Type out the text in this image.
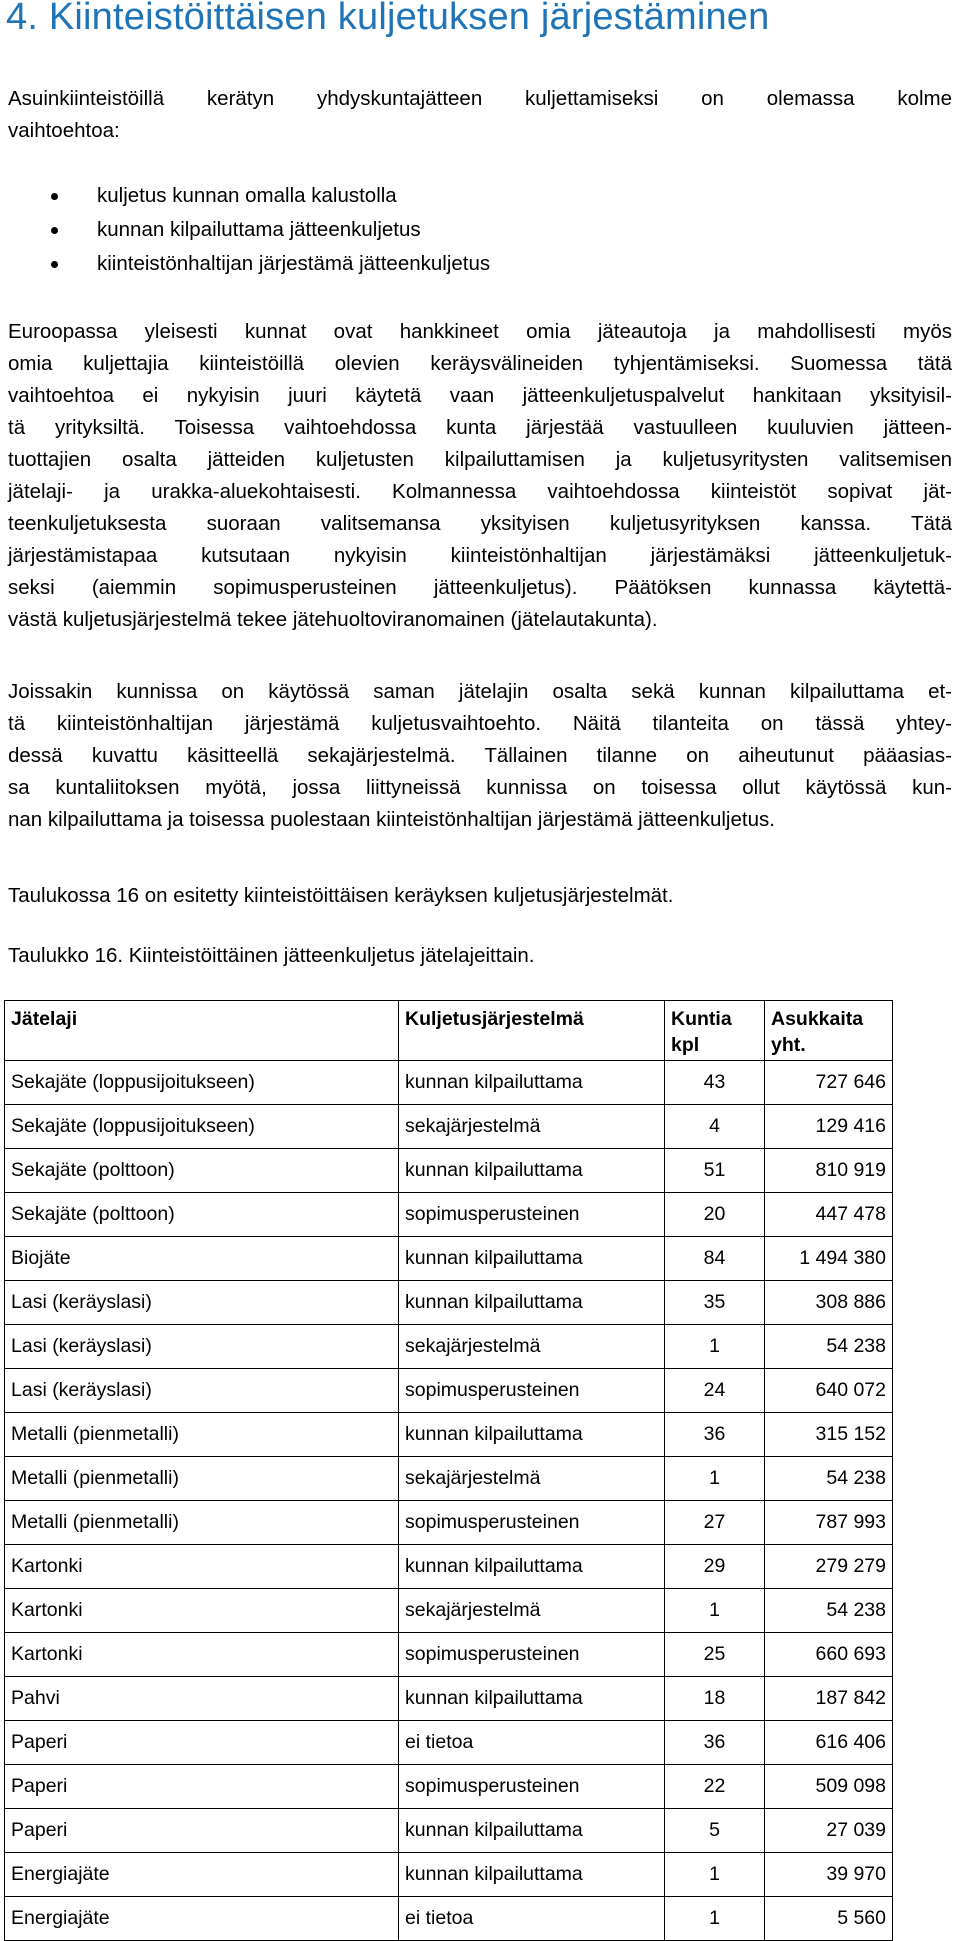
4. Kiinteistöittäisen kuljetuksen järjestäminen
Asuinkiinteistöillä kerätyn yhdyskuntajätteen kuljettamiseksi on olemassa kolme
vaihtoehtoa:
kuljetus kunnan omalla kalustolla
kunnan kilpailuttama jätteenkuljetus
kiinteistönhaltijan järjestämä jätteenkuljetus
Euroopassa yleisesti kunnat ovat hankkineet omia jäteautoja ja mahdollisesti myös
omia kuljettajia kiinteistöillä olevien keräysvälineiden tyhjentämiseksi. Suomessa tätä
vaihtoehtoa ei nykyisin juuri käytetä vaan jätteenkuljetuspalvelut hankitaan yksityisil-
tä yrityksiltä. Toisessa vaihtoehdossa kunta järjestää vastuulleen kuuluvien jätteen-
tuottajien osalta jätteiden kuljetusten kilpailuttamisen ja kuljetusyritysten valitsemisen
jätelaji- ja urakka-aluekohtaisesti. Kolmannessa vaihtoehdossa kiinteistöt sopivat jät-
teenkuljetuksesta suoraan valitsemansa yksityisen kuljetusyrityksen kanssa. Tätä
järjestämistapaa kutsutaan nykyisin kiinteistönhaltijan järjestämäksi jätteenkuljetuk-
seksi (aiemmin sopimusperusteinen jätteenkuljetus). Päätöksen kunnassa käytettä-
västä kuljetusjärjestelmä tekee jätehuoltoviranomainen (jätelautakunta).
Joissakin kunnissa on käytössä saman jätelajin osalta sekä kunnan kilpailuttama et-
tä kiinteistönhaltijan järjestämä kuljetusvaihtoehto. Näitä tilanteita on tässä yhtey-
dessä kuvattu käsitteellä sekajärjestelmä. Tällainen tilanne on aiheutunut pääasias-
sa kuntaliitoksen myötä, jossa liittyneissä kunnissa on toisessa ollut käytössä kun-
nan kilpailuttama ja toisessa puolestaan kiinteistönhaltijan järjestämä jätteenkuljetus.
Taulukossa 16 on esitetty kiinteistöittäisen keräyksen kuljetusjärjestelmät.
Taulukko 16. Kiinteistöittäinen jätteenkuljetus jätelajeittain.
Jätelaji	Kuljetusjärjestelmä	Kuntia kpl	Asukkaita yht.
Sekajäte (loppusijoitukseen)	kunnan kilpailuttama	43	727 646
Sekajäte (loppusijoitukseen)	sekajärjestelmä	4	129 416
Sekajäte (polttoon)	kunnan kilpailuttama	51	810 919
Sekajäte (polttoon)	sopimusperusteinen	20	447 478
Biojäte	kunnan kilpailuttama	84	1 494 380
Lasi (keräyslasi)	kunnan kilpailuttama	35	308 886
Lasi (keräyslasi)	sekajärjestelmä	1	54 238
Lasi (keräyslasi)	sopimusperusteinen	24	640 072
Metalli (pienmetalli)	kunnan kilpailuttama	36	315 152
Metalli (pienmetalli)	sekajärjestelmä	1	54 238
Metalli (pienmetalli)	sopimusperusteinen	27	787 993
Kartonki	kunnan kilpailuttama	29	279 279
Kartonki	sekajärjestelmä	1	54 238
Kartonki	sopimusperusteinen	25	660 693
Pahvi	kunnan kilpailuttama	18	187 842
Paperi	ei tietoa	36	616 406
Paperi	sopimusperusteinen	22	509 098
Paperi	kunnan kilpailuttama	5	27 039
Energiajäte	kunnan kilpailuttama	1	39 970
Energiajäte	ei tietoa	1	5 560
